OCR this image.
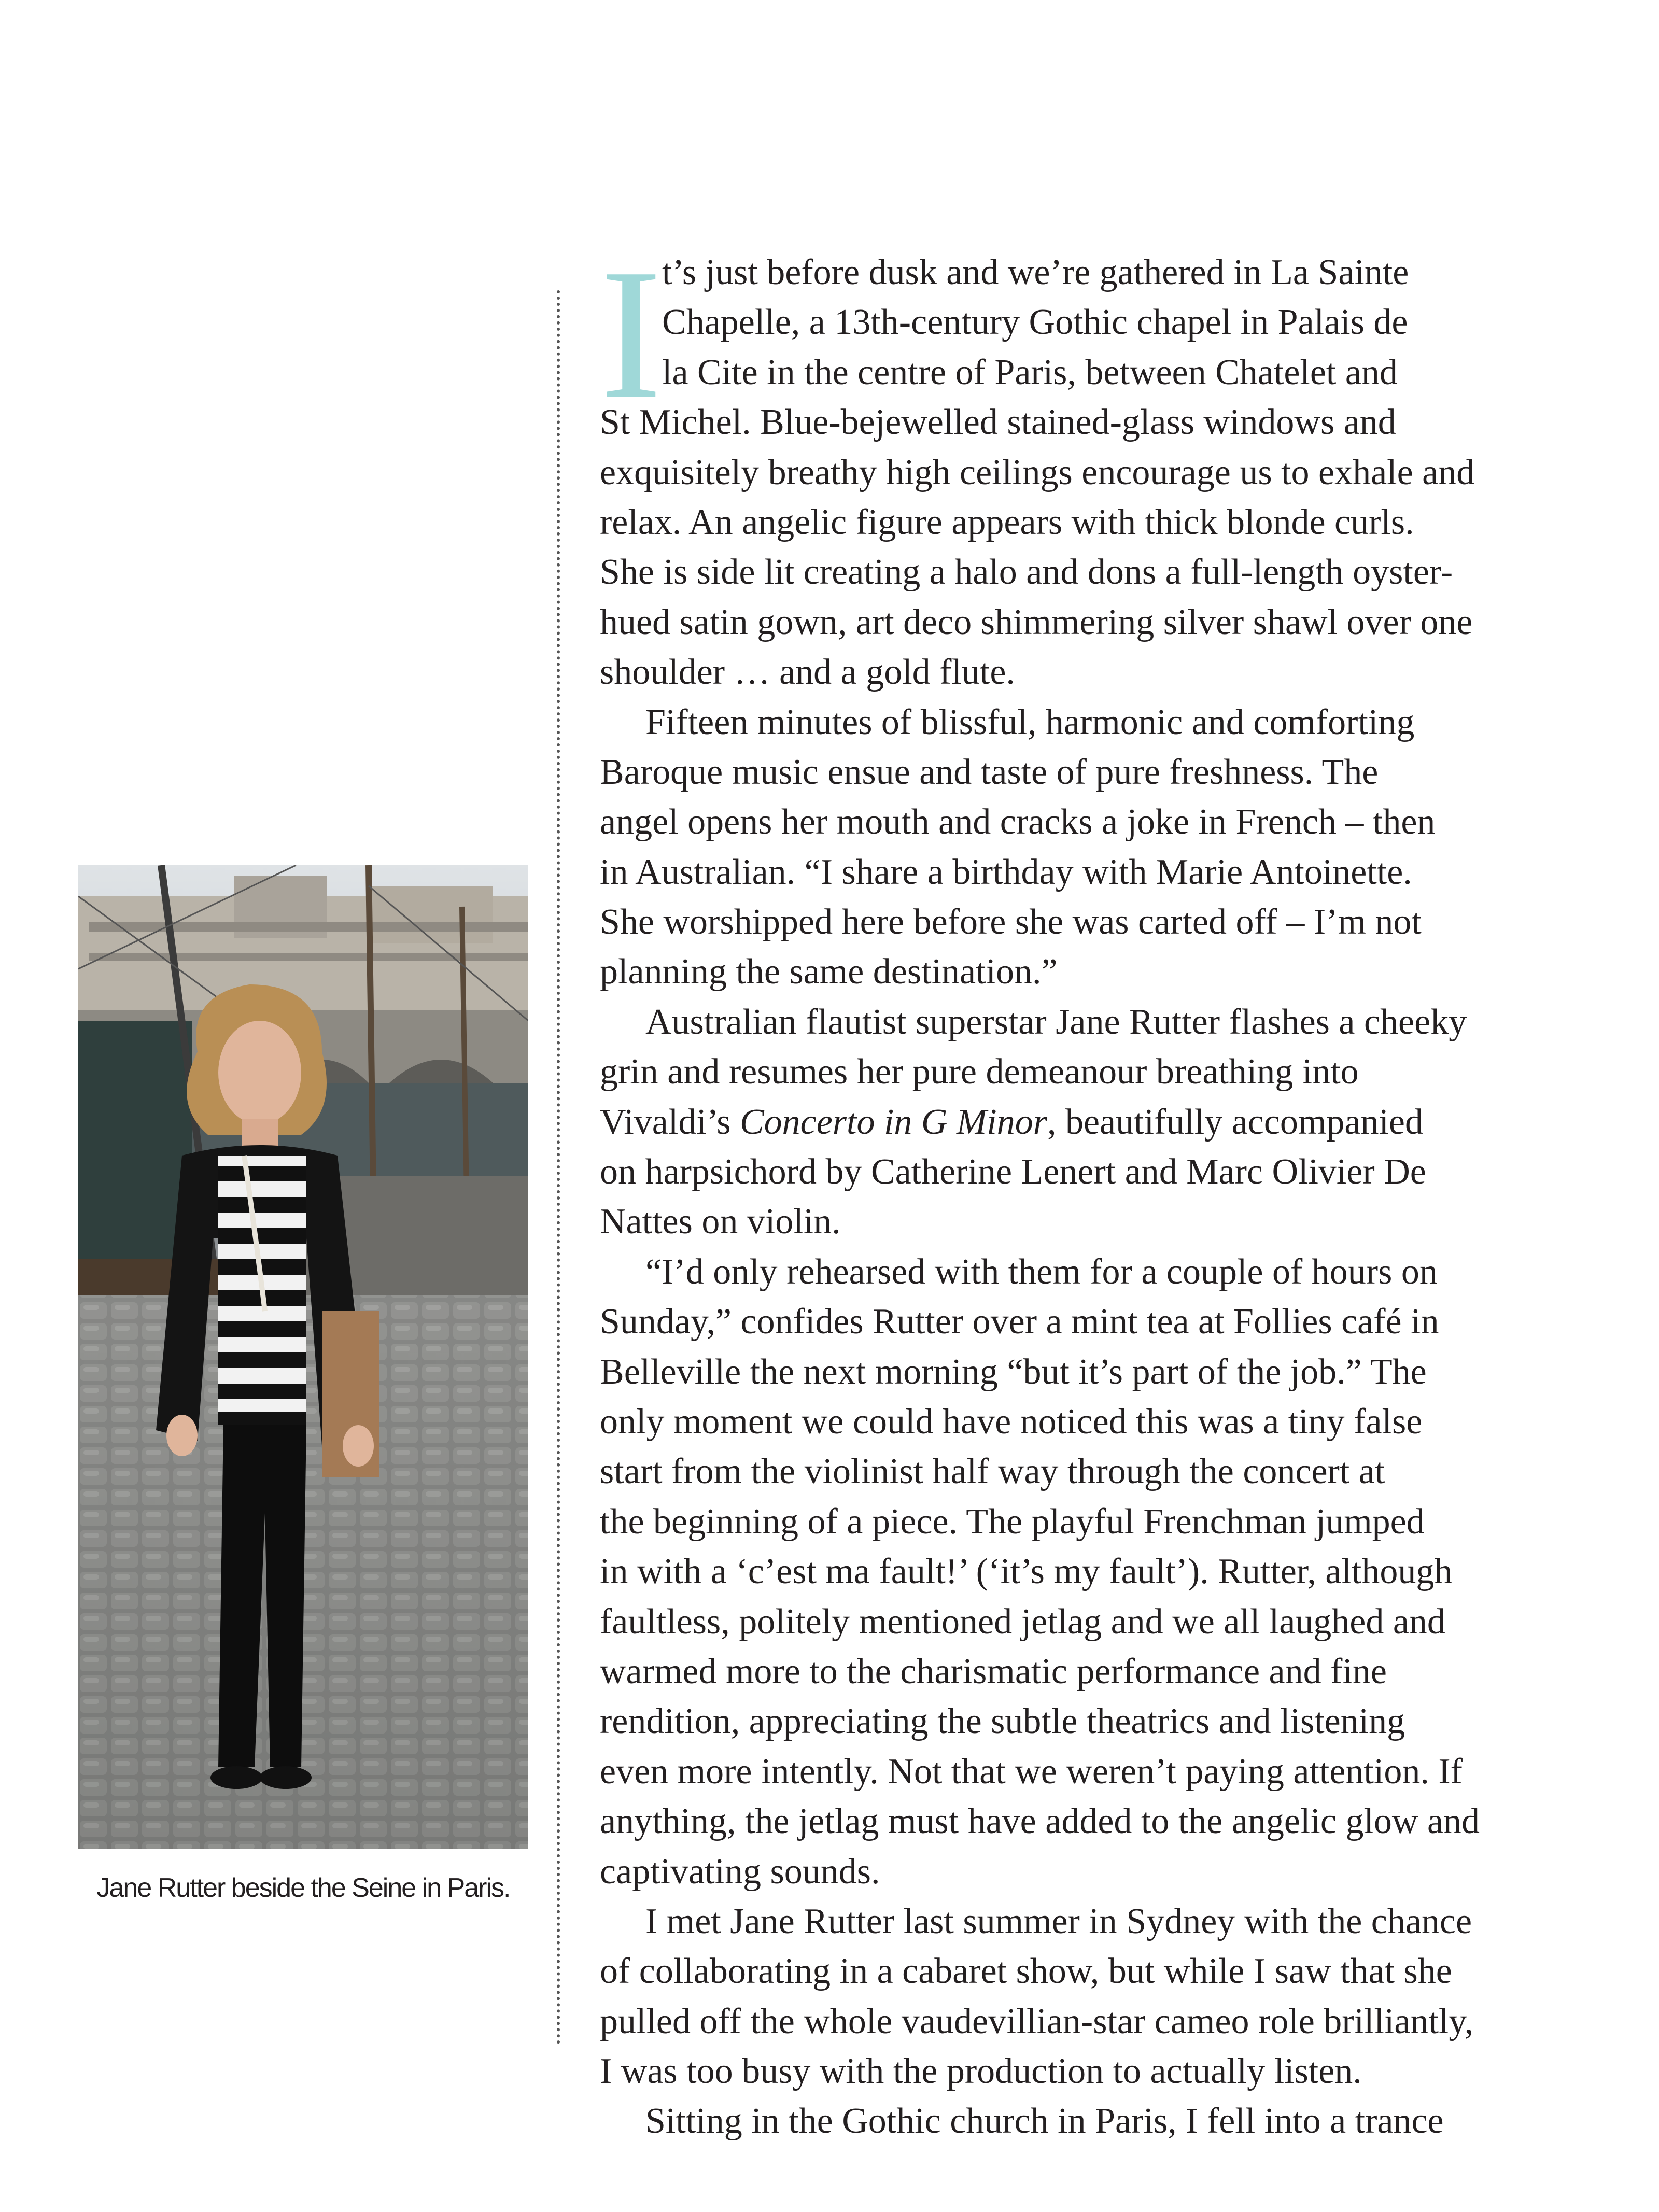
Jane Rutter beside the Seine in Paris.
I t’s just before dusk and we’re gathered in La Sainte
Chapelle, a 13th-century Gothic chapel in Palais de
la Cite in the centre of Paris, between Chatelet and
St Michel. Blue-bejewelled stained-glass windows and
exquisitely breathy high ceilings encourage us to exhale and
relax. An angelic figure appears with thick blonde curls.
She is side lit creating a halo and dons a full-length oyster-
hued satin gown, art deco shimmering silver shawl over one
shoulder … and a gold flute.
Fifteen minutes of blissful, harmonic and comforting
Baroque music ensue and taste of pure freshness. The
angel opens her mouth and cracks a joke in French – then
in Australian. “I share a birthday with Marie Antoinette.
She worshipped here before she was carted off – I’m not
planning the same destination.”
Australian flautist superstar Jane Rutter flashes a cheeky
grin and resumes her pure demeanour breathing into
Vivaldi’s Concerto in G Minor, beautifully accompanied
on harpsichord by Catherine Lenert and Marc Olivier De
Nattes on violin.
“I’d only rehearsed with them for a couple of hours on
Sunday,” confides Rutter over a mint tea at Follies café in
Belleville the next morning “but it’s part of the job.” The
only moment we could have noticed this was a tiny false
start from the violinist half way through the concert at
the beginning of a piece. The playful Frenchman jumped
in with a ‘c’est ma fault!’ (‘it’s my fault’). Rutter, although
faultless, politely mentioned jetlag and we all laughed and
warmed more to the charismatic performance and fine
rendition, appreciating the subtle theatrics and listening
even more intently. Not that we weren’t paying attention. If
anything, the jetlag must have added to the angelic glow and
captivating sounds.
I met Jane Rutter last summer in Sydney with the chance
of collaborating in a cabaret show, but while I saw that she
pulled off the whole vaudevillian-star cameo role brilliantly,
I was too busy with the production to actually listen.
Sitting in the Gothic church in Paris, I fell into a trance
